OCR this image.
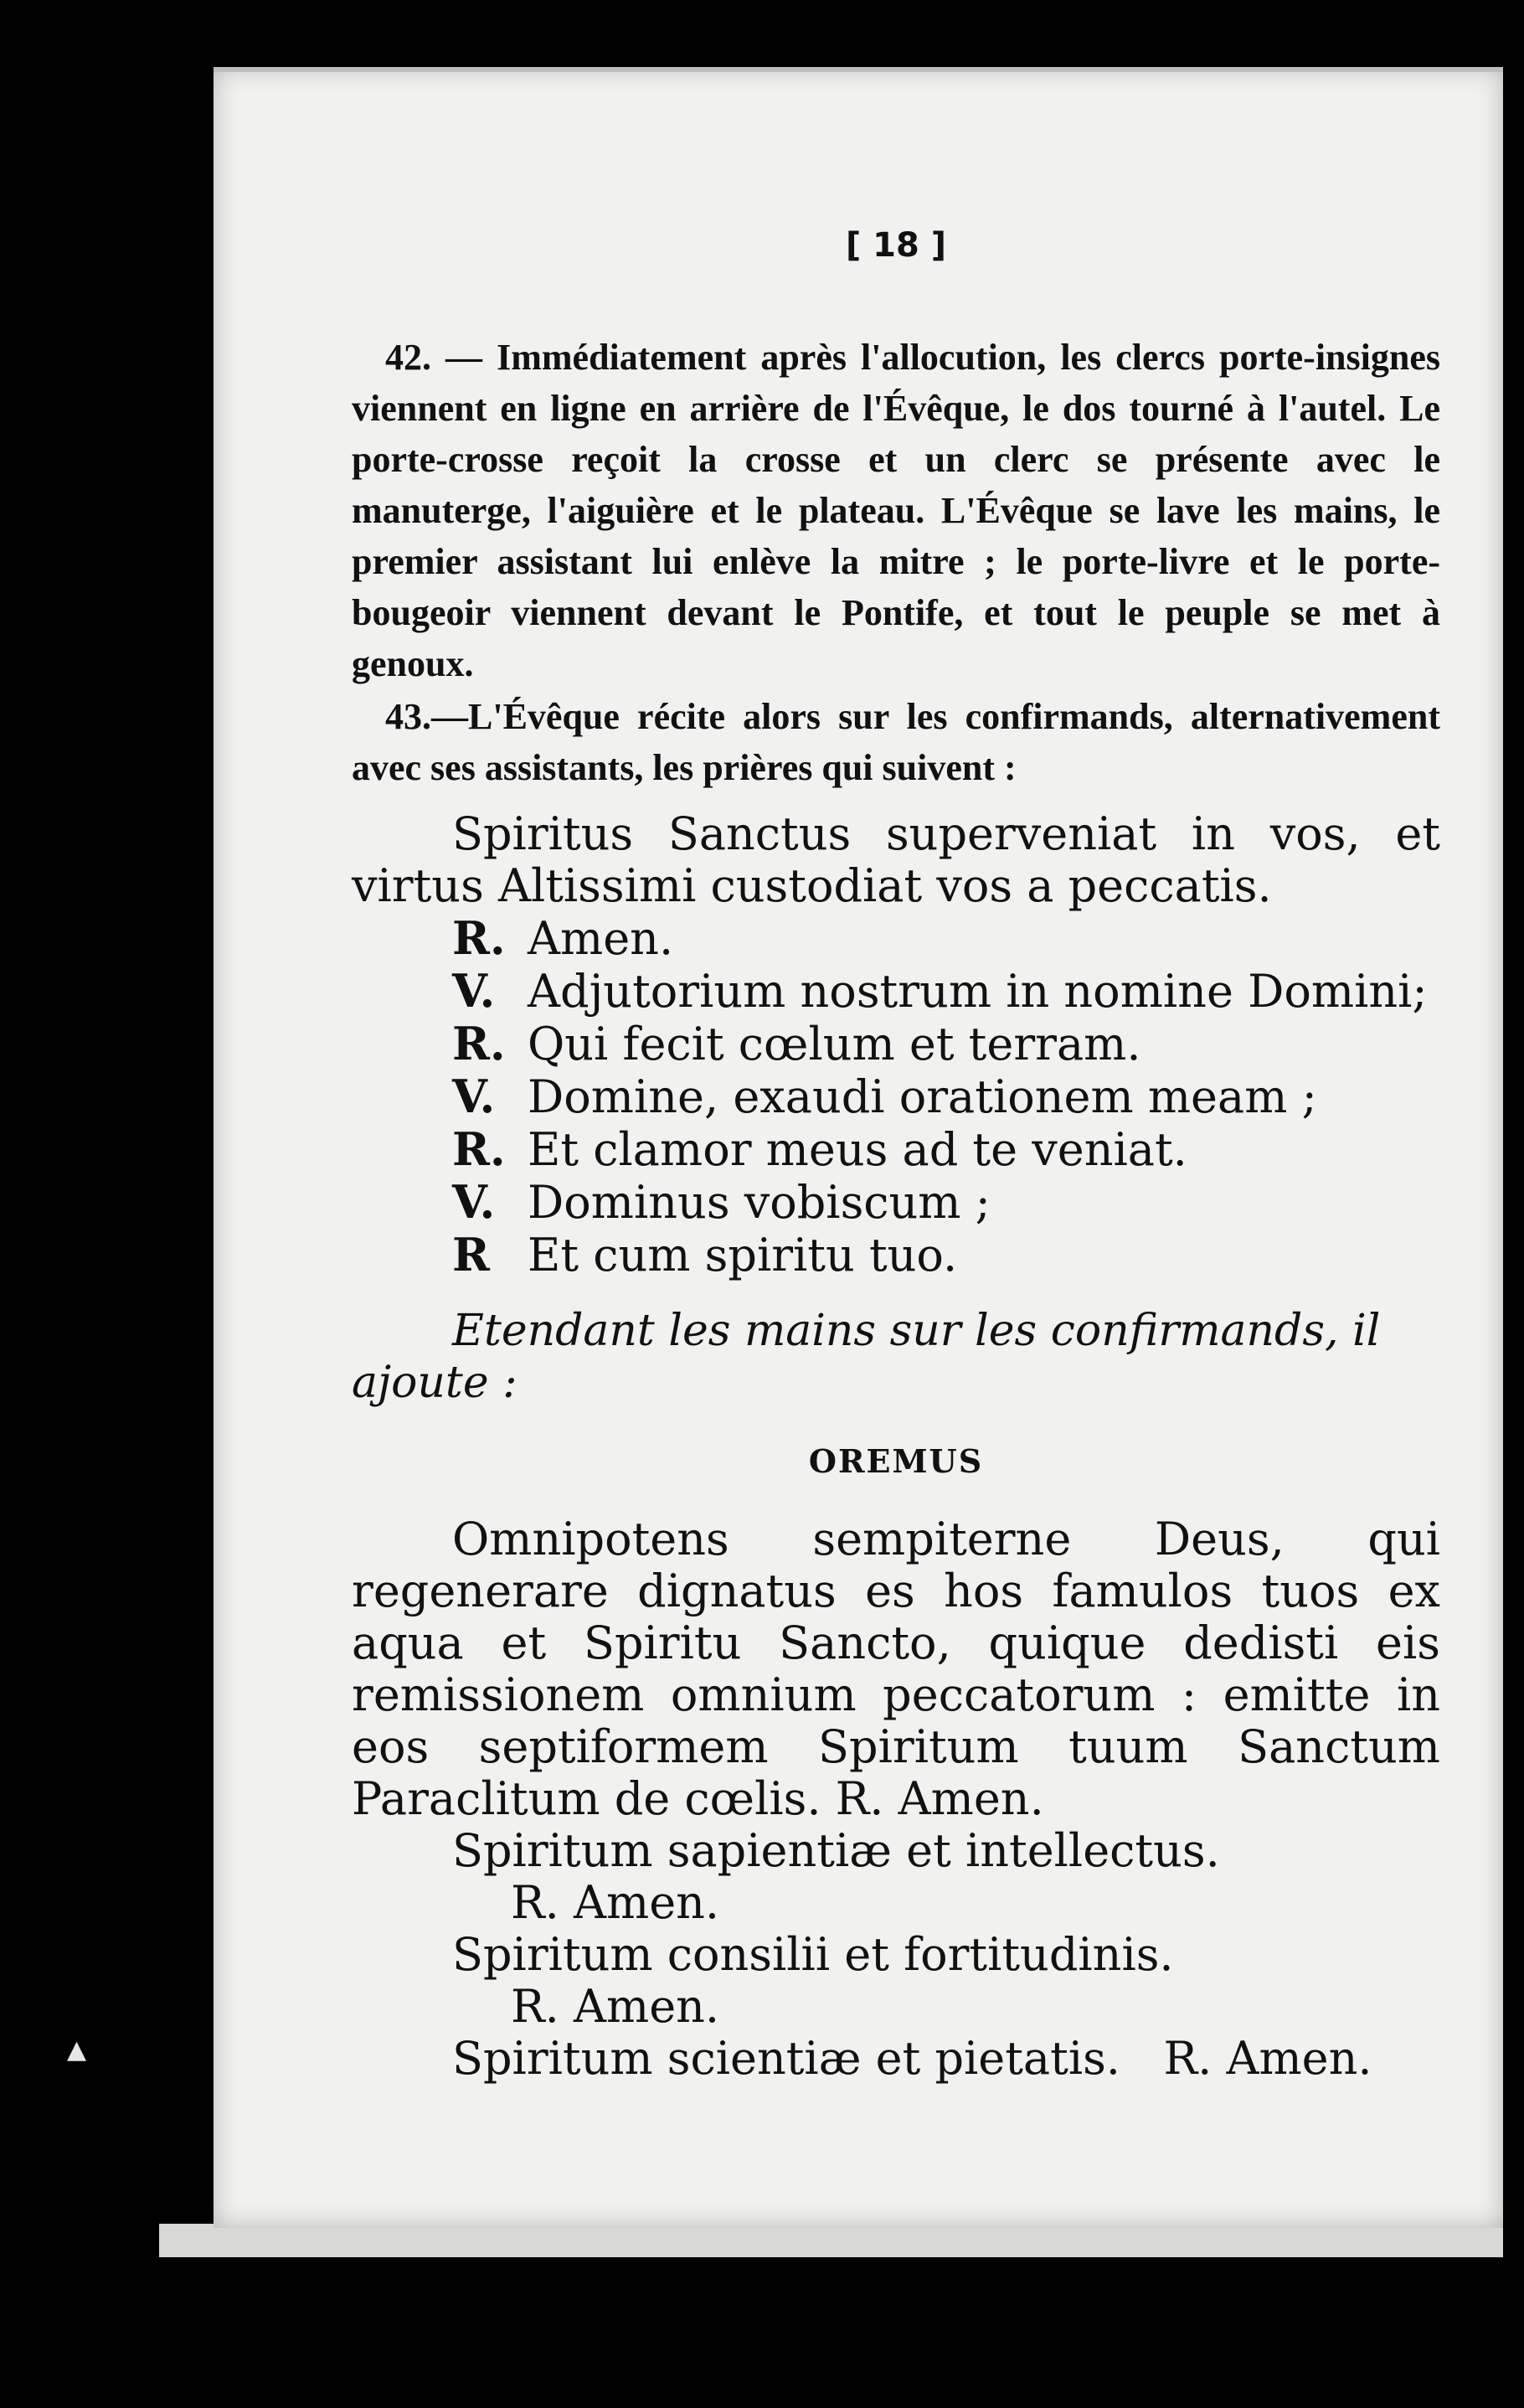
▲
[ 18 ]

42. — Immédiatement après l'allocution, les clercs porte-insignes viennent en ligne en arrière de l'Évêque, le dos tourné à l'autel. Le porte-crosse reçoit la crosse et un clerc se présente avec le manuterge, l'aiguière et le plateau. L'Évêque se lave les mains, le premier assistant lui enlève la mitre ; le porte-livre et le porte-bougeoir viennent devant le Pontife, et tout le peuple se met à genoux.

43.—L'Évêque récite alors sur les confirmands, alternativement avec ses assistants, les prières qui suivent :

Spiritus Sanctus superveniat in vos, et virtus Altissimi custodiat vos a peccatis.

R. Amen.

V. Adjutorium nostrum in nomine Domini;

R. Qui fecit cœlum et terram.

V. Domine, exaudi orationem meam ;

R. Et clamor meus ad te veniat.

V. Dominus vobiscum ;

R Et cum spiritu tuo.

Etendant les mains sur les confirmands, il ajoute :

OREMUS

Omnipotens sempiterne Deus, qui regenerare dignatus es hos famulos tuos ex aqua et Spiritu Sancto, quique dedisti eis remissionem omnium peccatorum : emitte in eos septiformem Spiritum tuum Sanctum Paraclitum de cœlis. R. Amen.

Spiritum sapientiæ et intellectus.

R. Amen.

Spiritum consilii et fortitudinis.

R. Amen.

Spiritum scientiæ et pietatis.   R. Amen.
